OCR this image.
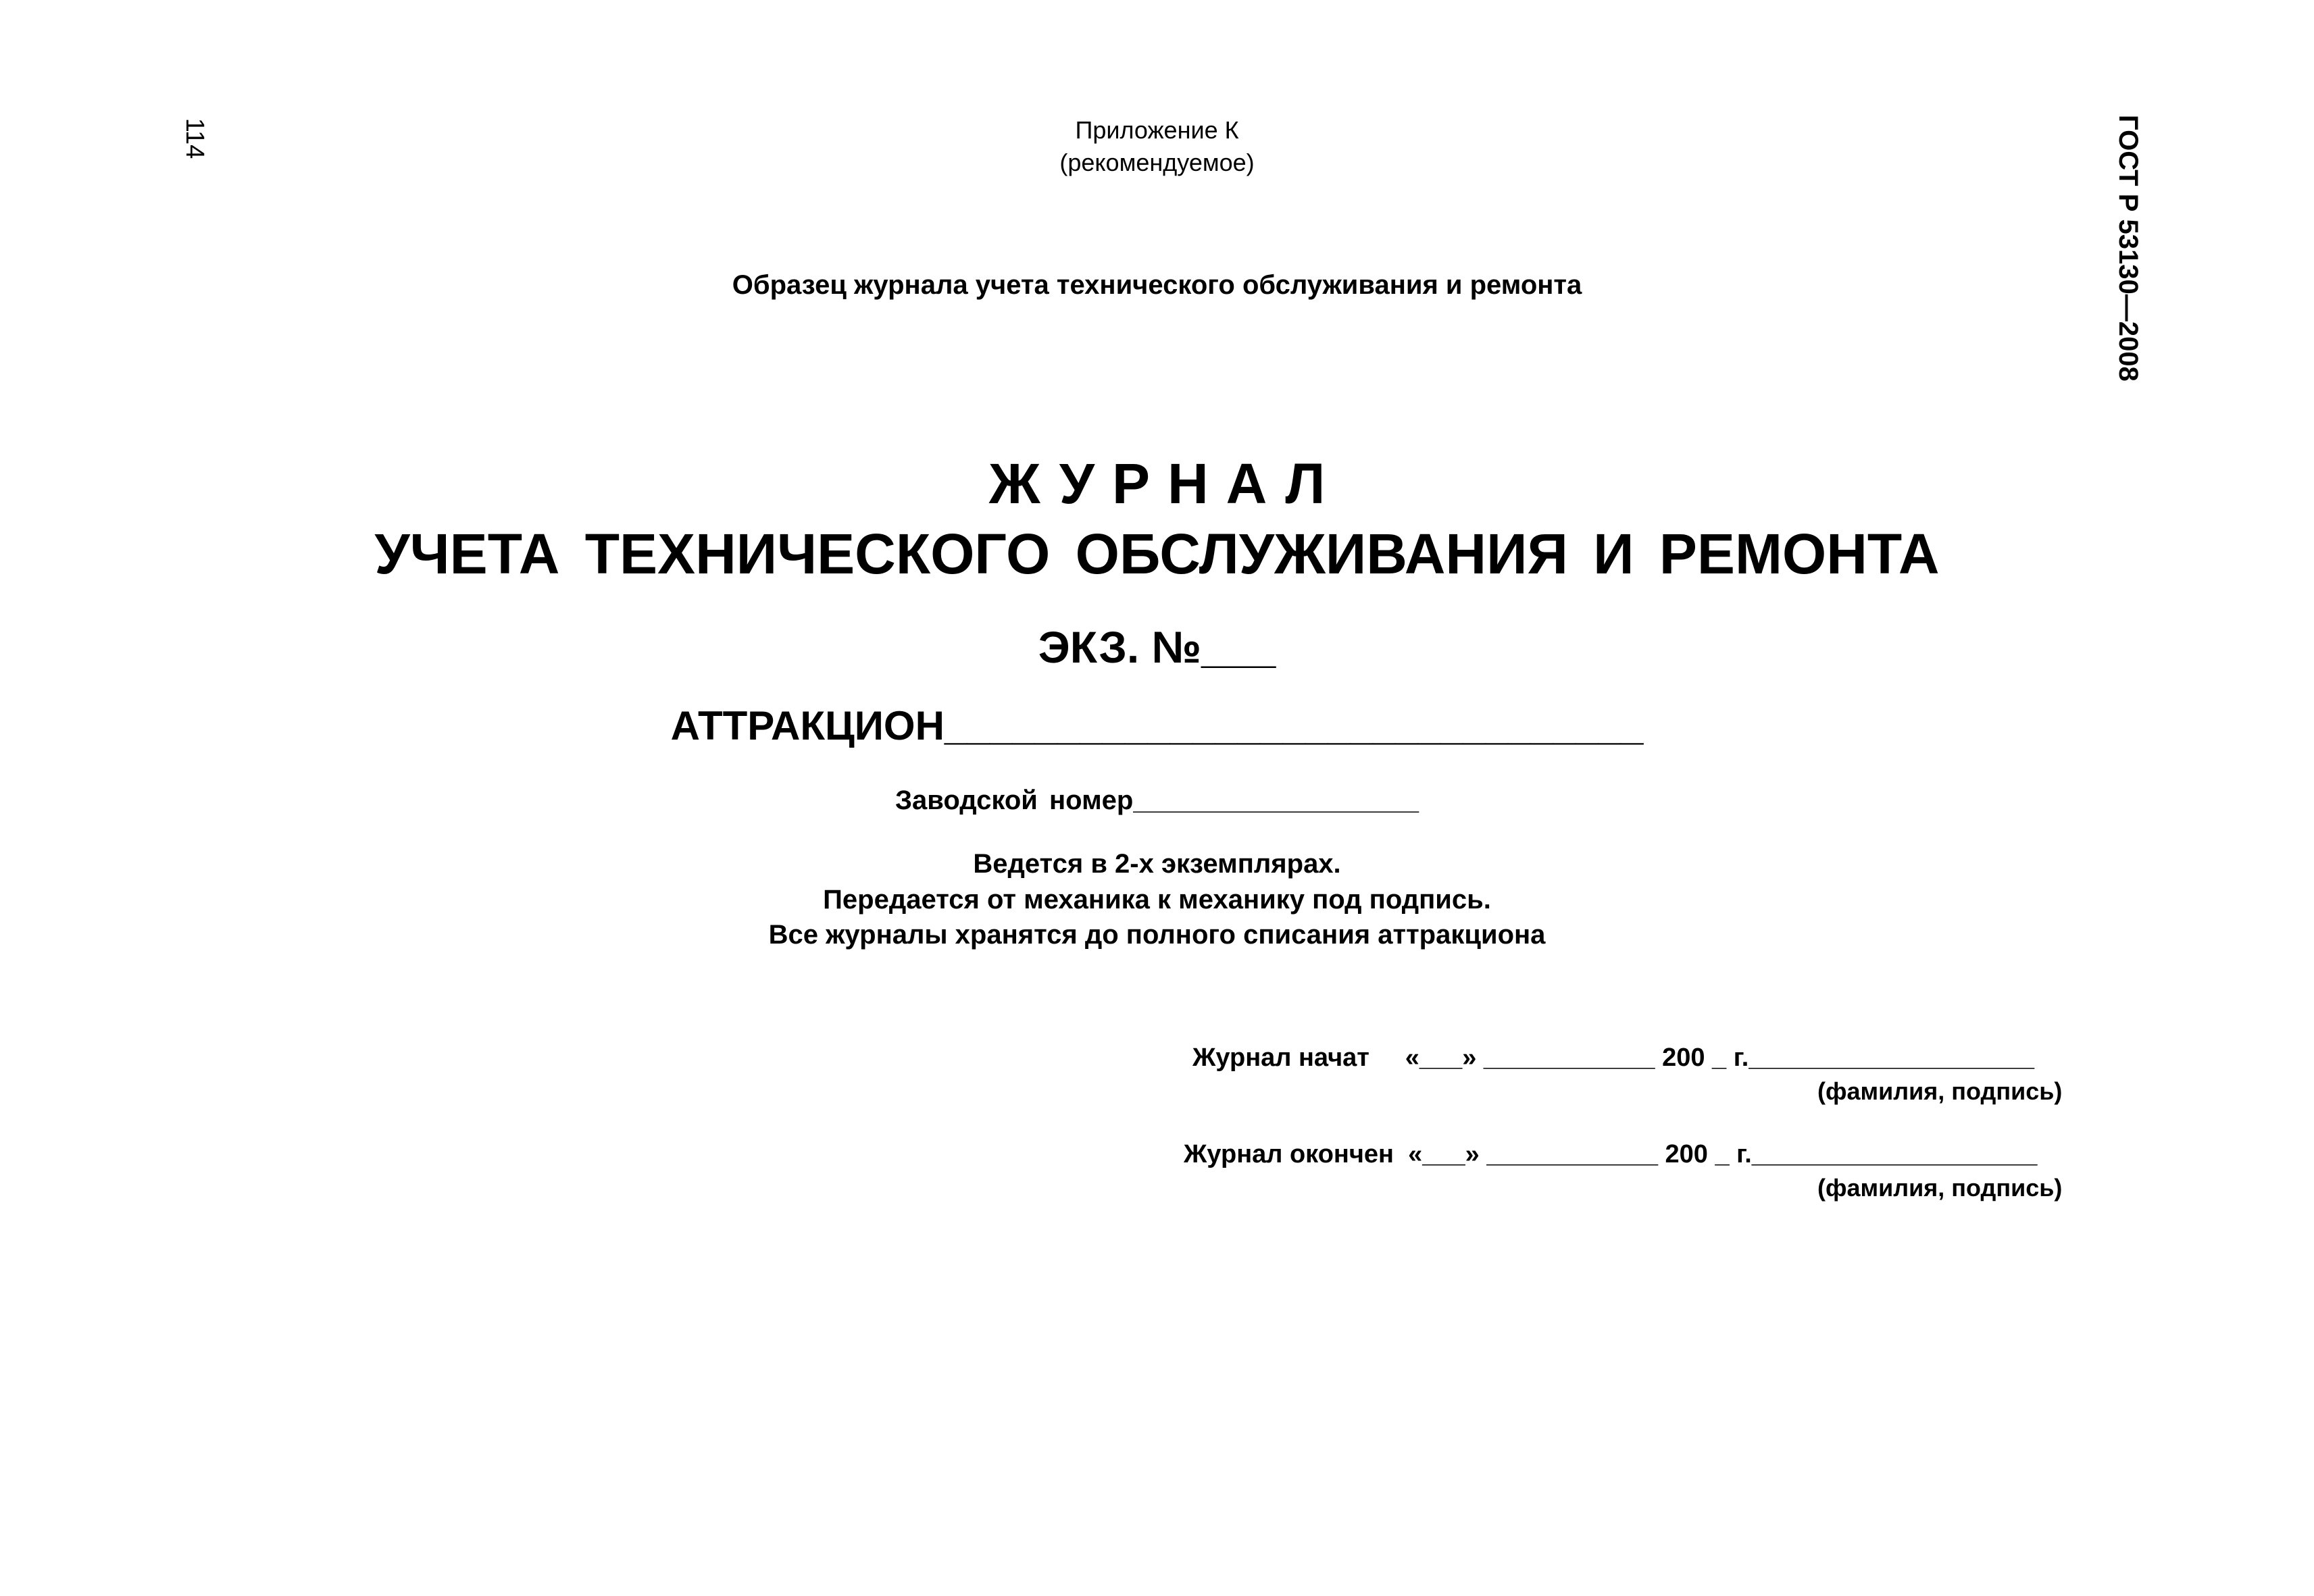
114	ГОСТ Р 53130—2008
Приложение К
(рекомендуемое)
Образец журнала учета технического обслуживания и ремонта
ЖУРНАЛ
УЧЕТА ТЕХНИЧЕСКОГО ОБСЛУЖИВАНИЯ И РЕМОНТА
ЭКЗ. №___
АТТРАКЦИОН_______________________________
Заводской номер___________________
Ведется в 2-х экземплярах.
Передается от механика к механику под подпись.
Все журналы хранятся до полного списания аттракциона
Журнал начат     «___» ____________ 200 _ г.____________________
(фамилия, подпись)
Журнал окончен  «___» ____________ 200 _ г.____________________
(фамилия, подпись)
